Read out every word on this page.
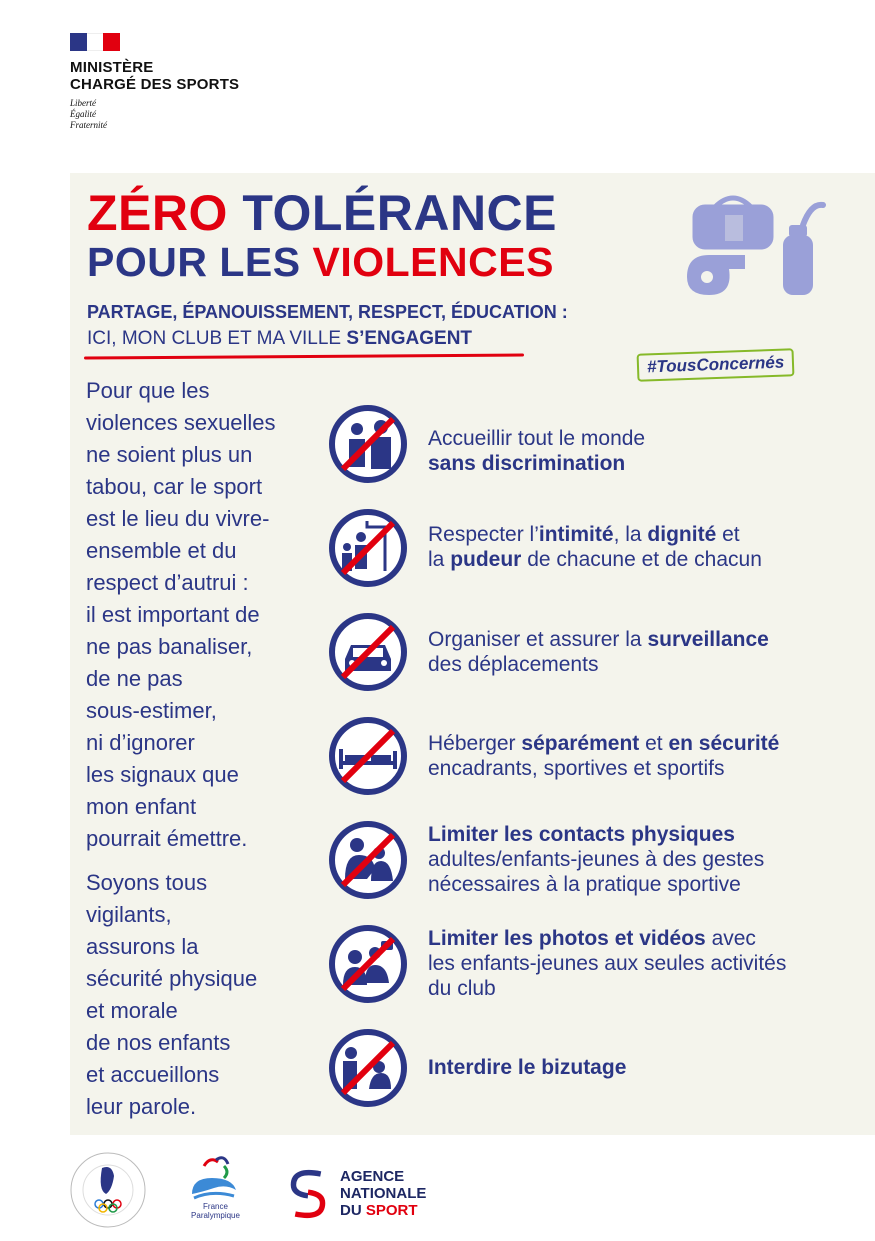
MINISTÈRE
CHARGÉ DES SPORTS
Liberté
Égalité
Fraternité
ZÉRO TOLÉRANCE
POUR LES VIOLENCES
PARTAGE, ÉPANOUISSEMENT, RESPECT, ÉDUCATION :
ICI, MON CLUB ET MA VILLE S’ENGAGENT
#TousConcernés

Pour que les
violences sexuelles
ne soient plus un
tabou, car le sport
est le lieu du vivre-
ensemble et du
respect d’autrui :
il est important de
ne pas banaliser,
de ne pas
sous-estimer,
ni d’ignorer
les signaux que
mon enfant
pourrait émettre.

Soyons tous
vigilants,
assurons la
sécurité physique
et morale
de nos enfants
et accueillons
leur parole.

Accueillir tout le monde
sans discrimination
Respecter l’intimité, la dignité et
la pudeur de chacune et de chacun
Organiser et assurer la surveillance
des déplacements
Héberger séparément et en sécurité
encadrants, sportives et sportifs
Limiter les contacts physiques
adultes/enfants-jeunes à des gestes
nécessaires à la pratique sportive
Limiter les photos et vidéos avec
les enfants-jeunes aux seules activités
du club
Interdire le bizutage
France
Paralympique
AGENCE
NATIONALE
DU SPORT
